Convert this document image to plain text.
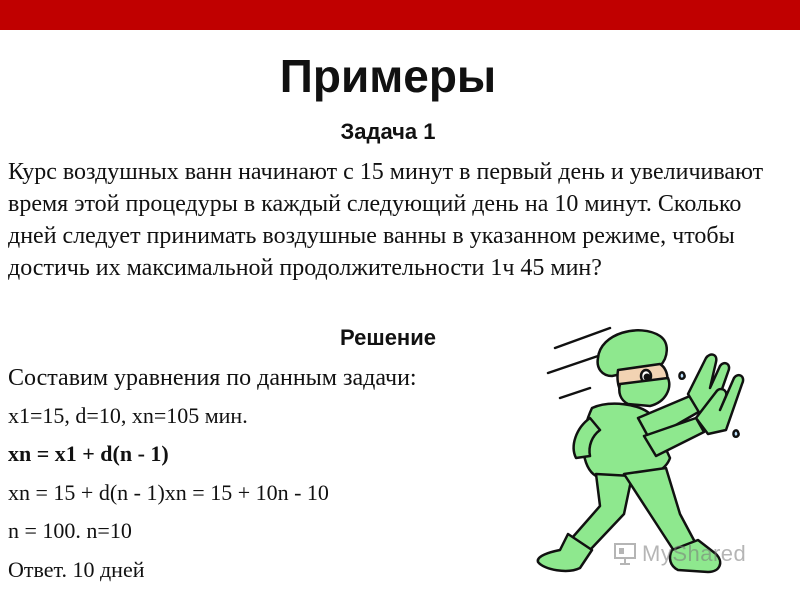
Примеры
Задача 1

Курс воздушных ванн начинают с 15 минут в первый день и увеличивают время этой процедуры в каждый следующий день на 10 минут. Сколько дней следует принимать воздушные ванны в указанном режиме, чтобы достичь их максимальной продолжительности 1ч 45 мин?

Решение
Составим уравнения по данным задачи:
x1=15, d=10, xn=105 мин.
xn = x1 + d(n - 1)
xn = 15 + d(n - 1)xn = 15 + 10n - 10
n = 100. n=10
Ответ. 10 дней
MyShared
